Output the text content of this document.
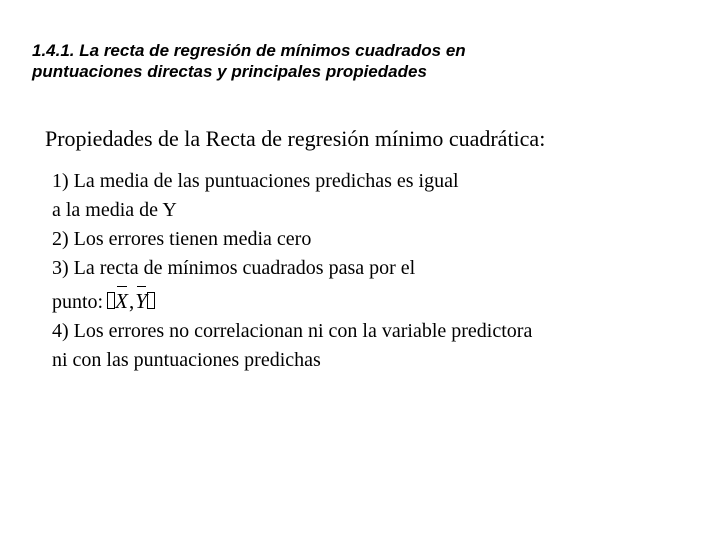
1.4.1. La recta de regresión de mínimos cuadrados en
puntuaciones directas y principales propiedades
Propiedades de la Recta de regresión mínimo cuadrática:
1) La media de las puntuaciones predichas es igual
a la media de Y
2) Los errores tienen media cero
3) La recta de mínimos cuadrados pasa por el
punto: X,Y
4) Los errores no correlacionan ni con la variable predictora
ni con las puntuaciones predichas
